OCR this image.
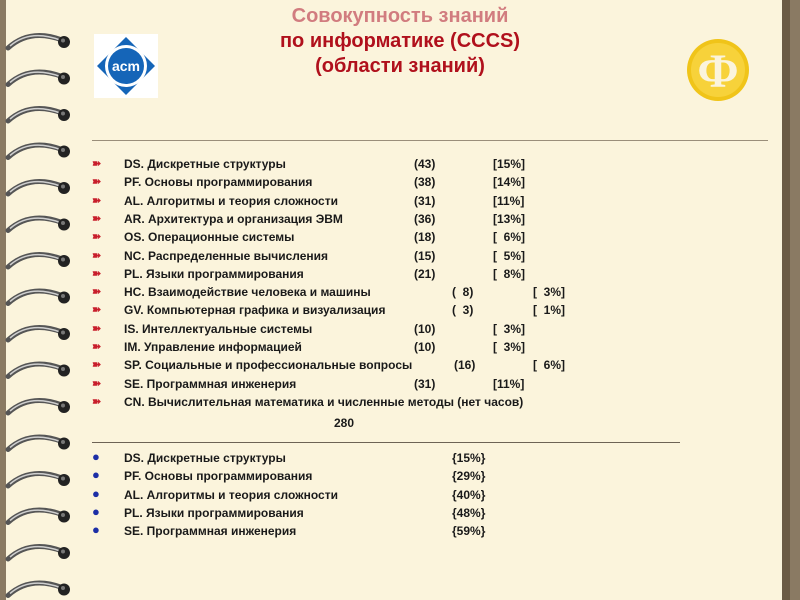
Совокупность знаний
по информатике (CCCS)
(области знаний)
acm	Ф
➽ DS. Дискретные структуры	(43)	[15%]
➽ PF. Основы программирования	(38)	[14%]
➽ AL. Алгоритмы и теория сложности	(31)	[11%]
➽ AR. Архитектура и организация ЭВМ	(36)	[13%]
➽ OS. Операционные системы	(18)	[  6%]
➽ NC. Распределенные вычисления	(15)	[  5%]
➽ PL. Языки программирования	(21)	[  8%]
➽ HC. Взаимодействие человека и машины	(  8)	[  3%]
➽ GV. Компьютерная графика и визуализация	(  3)	[  1%]
➽ IS. Интеллектуальные системы	(10)	[  3%]
➽ IM. Управление информацией	(10)	[  3%]
➽ SP. Социальные и профессиональные вопросы	(16)	[  6%]
➽ SE. Программная инженерия	(31)	[11%]
➽ CN. Вычислительная математика и численные методы (нет часов)
280
● DS. Дискретные структуры	{15%}
● PF. Основы программирования	{29%}
● AL. Алгоритмы и теория сложности	{40%}
● PL. Языки программирования	{48%}
● SE. Программная инженерия	{59%}
